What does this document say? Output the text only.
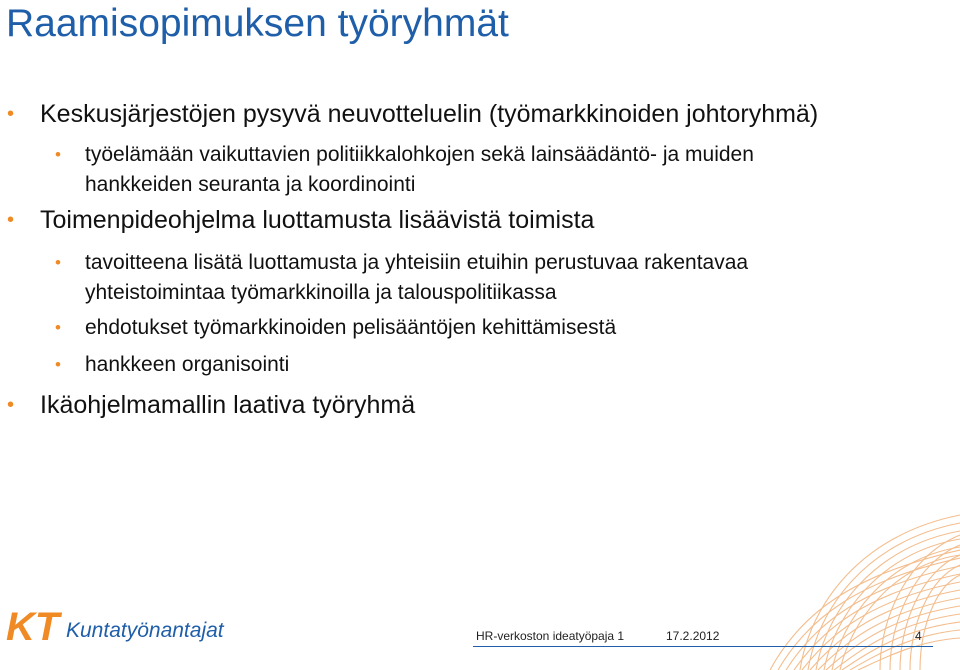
Raamisopimuksen työryhmät
• Keskusjärjestöjen pysyvä neuvotteluelin (työmarkkinoiden johtoryhmä)
• työelämään vaikuttavien politiikkalohkojen sekä lainsäädäntö- ja muiden
hankkeiden seuranta ja koordinointi
• Toimenpideohjelma luottamusta lisäävistä toimista
• tavoitteena lisätä luottamusta ja yhteisiin etuihin perustuvaa rakentavaa
yhteistoimintaa työmarkkinoilla ja talouspolitiikassa
• ehdotukset työmarkkinoiden pelisääntöjen kehittämisestä
• hankkeen organisointi
• Ikäohjelmamallin laativa työryhmä
KT Kuntatyönantajat	HR-verkoston ideatyöpaja 1	17.2.2012	4
